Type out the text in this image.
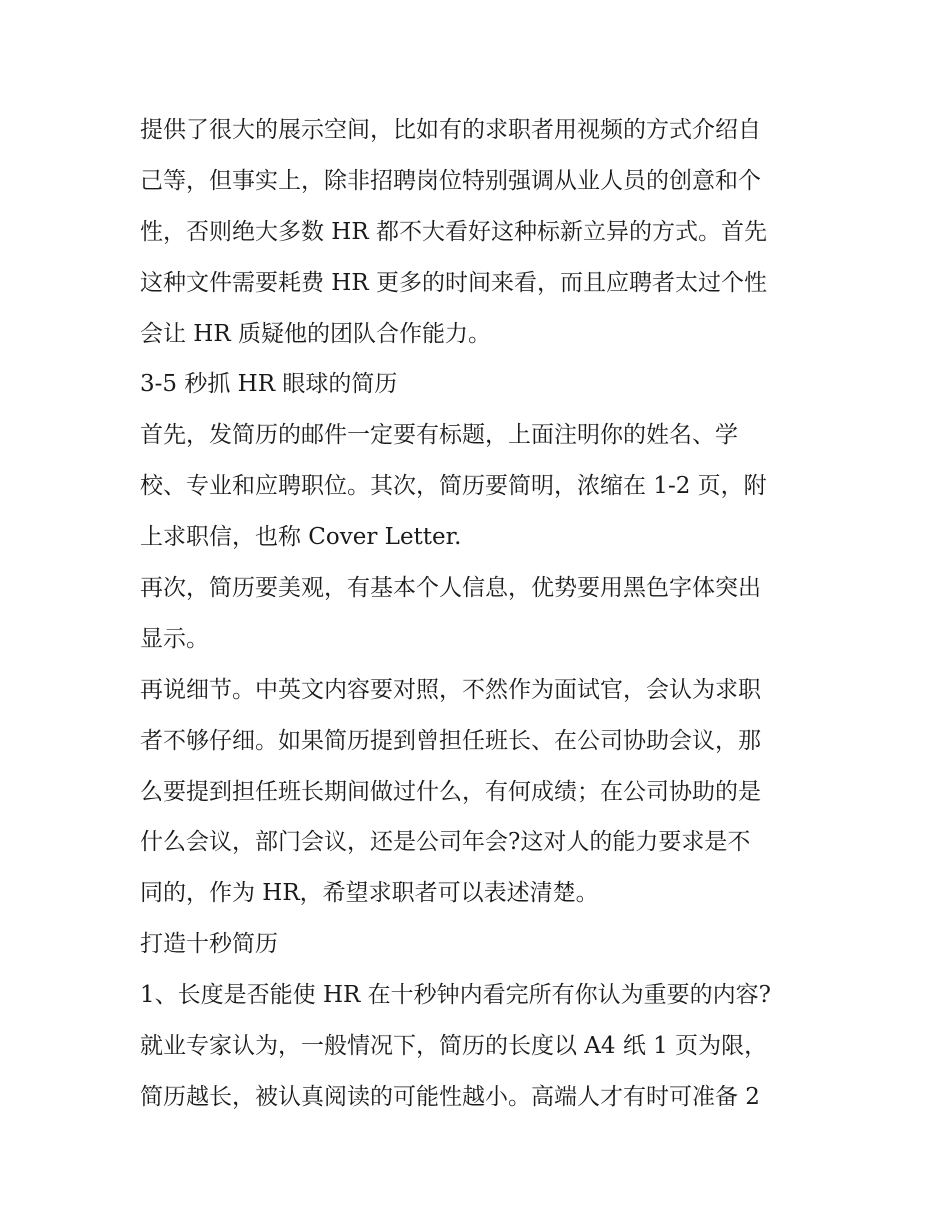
提供了很大的展示空间，比如有的求职者用视频的方式介绍自
己等，但事实上，除非招聘岗位特别强调从业人员的创意和个
性，否则绝大多数 HR 都不大看好这种标新立异的方式。首先
这种文件需要耗费 HR 更多的时间来看，而且应聘者太过个性
会让 HR 质疑他的团队合作能力。
3-5 秒抓 HR 眼球的简历
首先，发简历的邮件一定要有标题，上面注明你的姓名、学
校、专业和应聘职位。其次，简历要简明，浓缩在 1-2 页，附
上求职信，也称 Cover Letter.
再次，简历要美观，有基本个人信息，优势要用黑色字体突出
显示。
再说细节。中英文内容要对照，不然作为面试官，会认为求职
者不够仔细。如果简历提到曾担任班长、在公司协助会议，那
么要提到担任班长期间做过什么，有何成绩；在公司协助的是
什么会议，部门会议，还是公司年会?这对人的能力要求是不
同的，作为 HR，希望求职者可以表述清楚。
打造十秒简历
1、长度是否能使 HR 在十秒钟内看完所有你认为重要的内容?
就业专家认为，一般情况下，简历的长度以 A4 纸 1 页为限，
简历越长，被认真阅读的可能性越小。高端人才有时可准备 2
